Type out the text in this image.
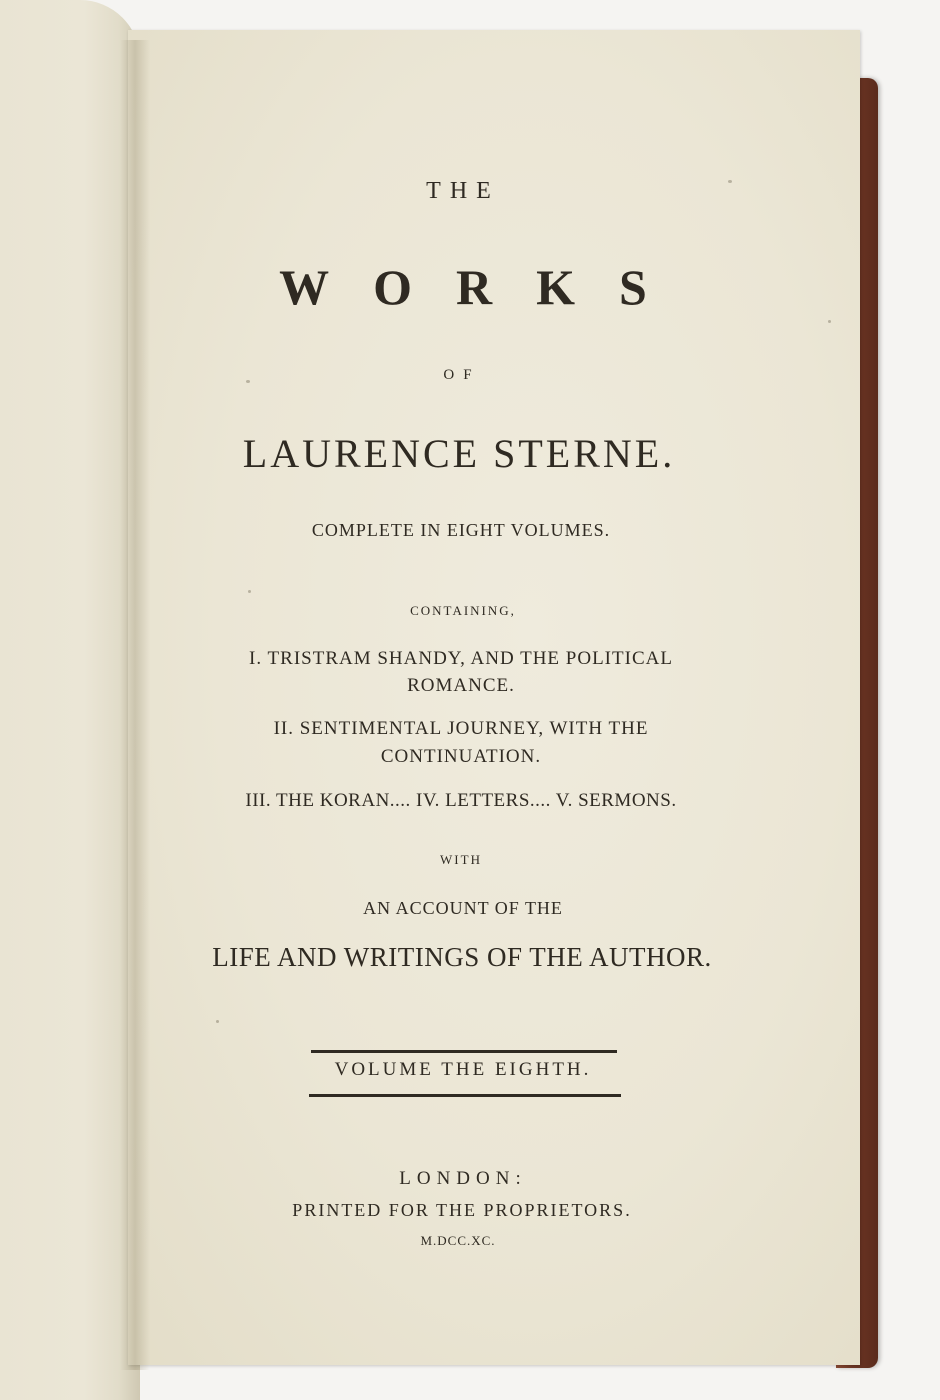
THE
WORKS
OF
LAURENCE STERNE.
COMPLETE IN EIGHT VOLUMES.
CONTAINING,
I. TRISTRAM SHANDY, AND THE POLITICAL
ROMANCE.
II. SENTIMENTAL JOURNEY, WITH THE
CONTINUATION.
III. THE KORAN.... IV. LETTERS.... V. SERMONS.
WITH
AN ACCOUNT OF THE
LIFE AND WRITINGS OF THE AUTHOR.
VOLUME THE EIGHTH.
LONDON:
PRINTED FOR THE PROPRIETORS.
M.DCC.XC.
